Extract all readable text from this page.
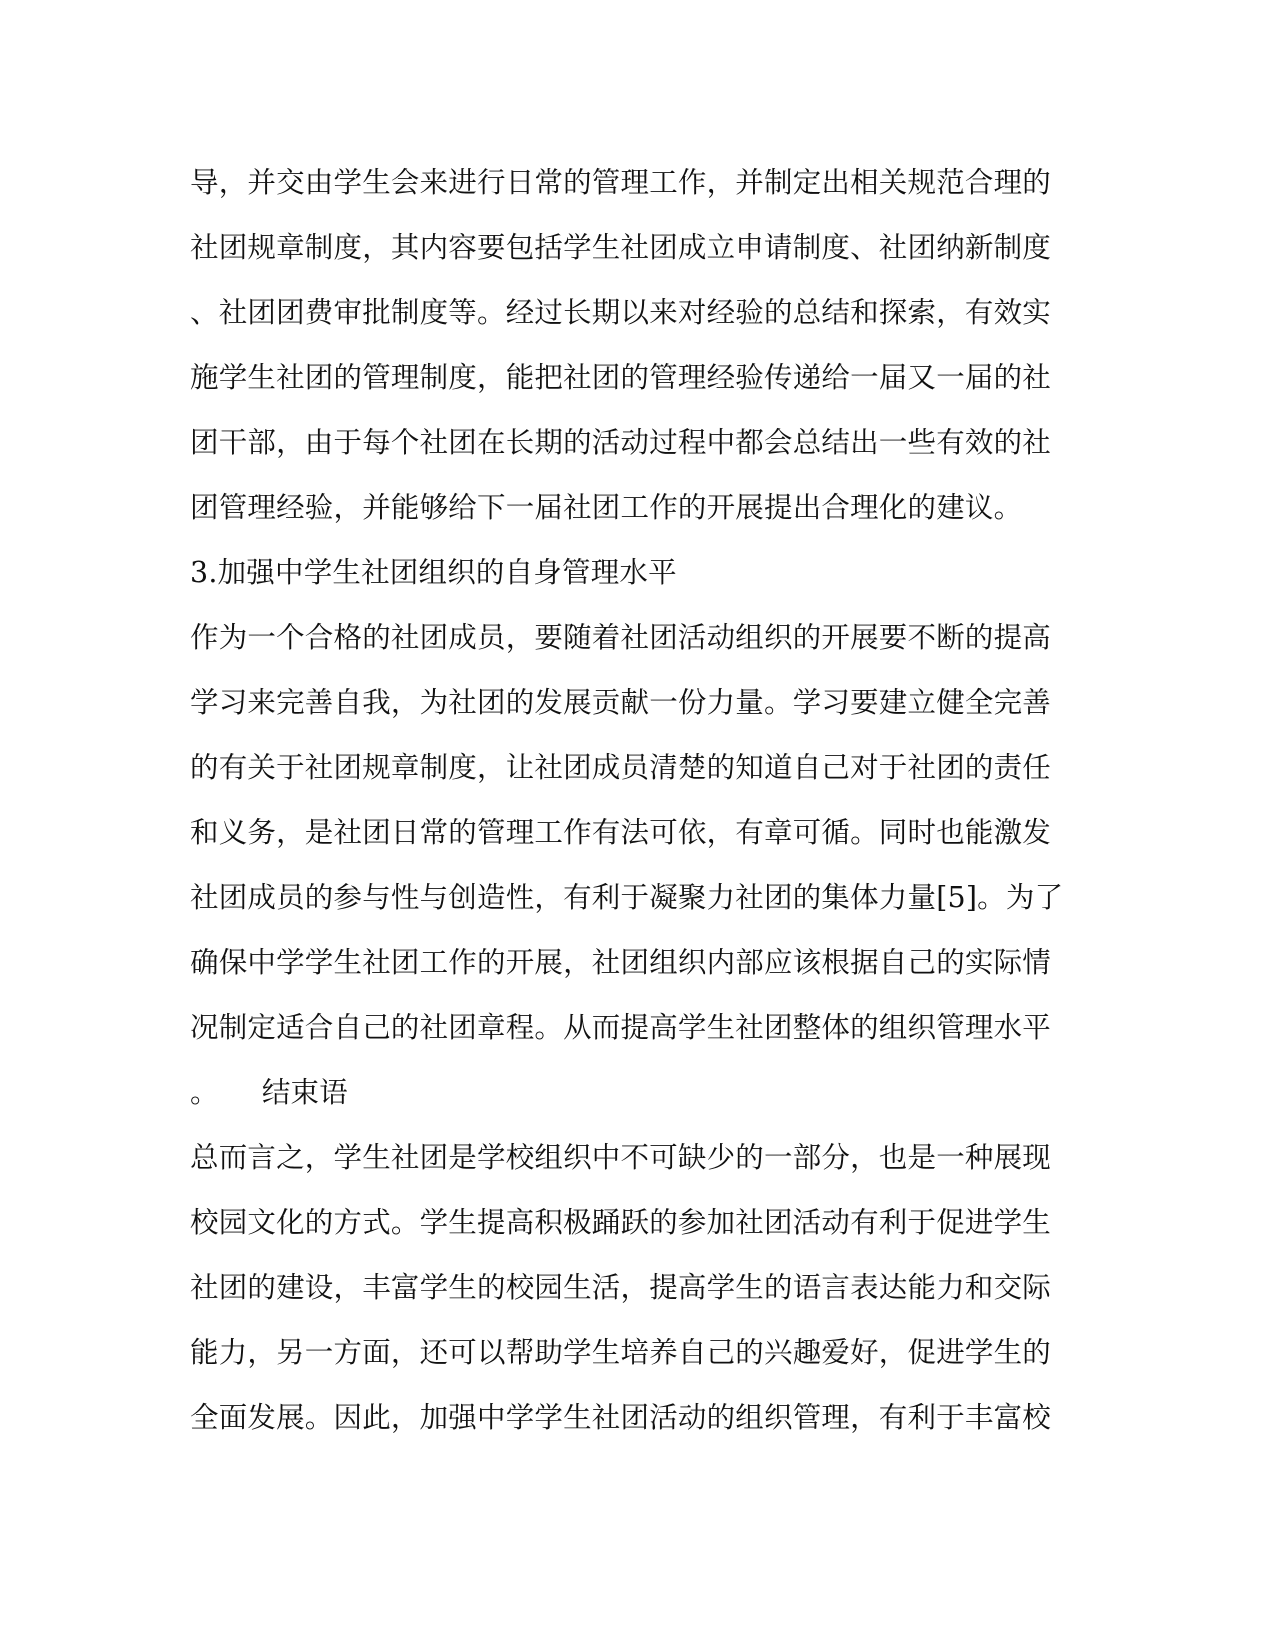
导，并交由学生会来进行日常的管理工作，并制定出相关规范合理的
社团规章制度，其内容要包括学生社团成立申请制度、社团纳新制度
、社团团费审批制度等。经过长期以来对经验的总结和探索，有效实
施学生社团的管理制度，能把社团的管理经验传递给一届又一届的社
团干部，由于每个社团在长期的活动过程中都会总结出一些有效的社
团管理经验，并能够给下一届社团工作的开展提出合理化的建议。
3.加强中学生社团组织的自身管理水平
作为一个合格的社团成员，要随着社团活动组织的开展要不断的提高
学习来完善自我，为社团的发展贡献一份力量。学习要建立健全完善
的有关于社团规章制度，让社团成员清楚的知道自己对于社团的责任
和义务，是社团日常的管理工作有法可依，有章可循。同时也能激发
社团成员的参与性与创造性，有利于凝聚力社团的集体力量[5]。为了
确保中学学生社团工作的开展，社团组织内部应该根据自己的实际情
况制定适合自己的社团章程。从而提高学生社团整体的组织管理水平
。　　结束语
总而言之，学生社团是学校组织中不可缺少的一部分，也是一种展现
校园文化的方式。学生提高积极踊跃的参加社团活动有利于促进学生
社团的建设，丰富学生的校园生活，提高学生的语言表达能力和交际
能力，另一方面，还可以帮助学生培养自己的兴趣爱好，促进学生的
全面发展。因此，加强中学学生社团活动的组织管理，有利于丰富校
